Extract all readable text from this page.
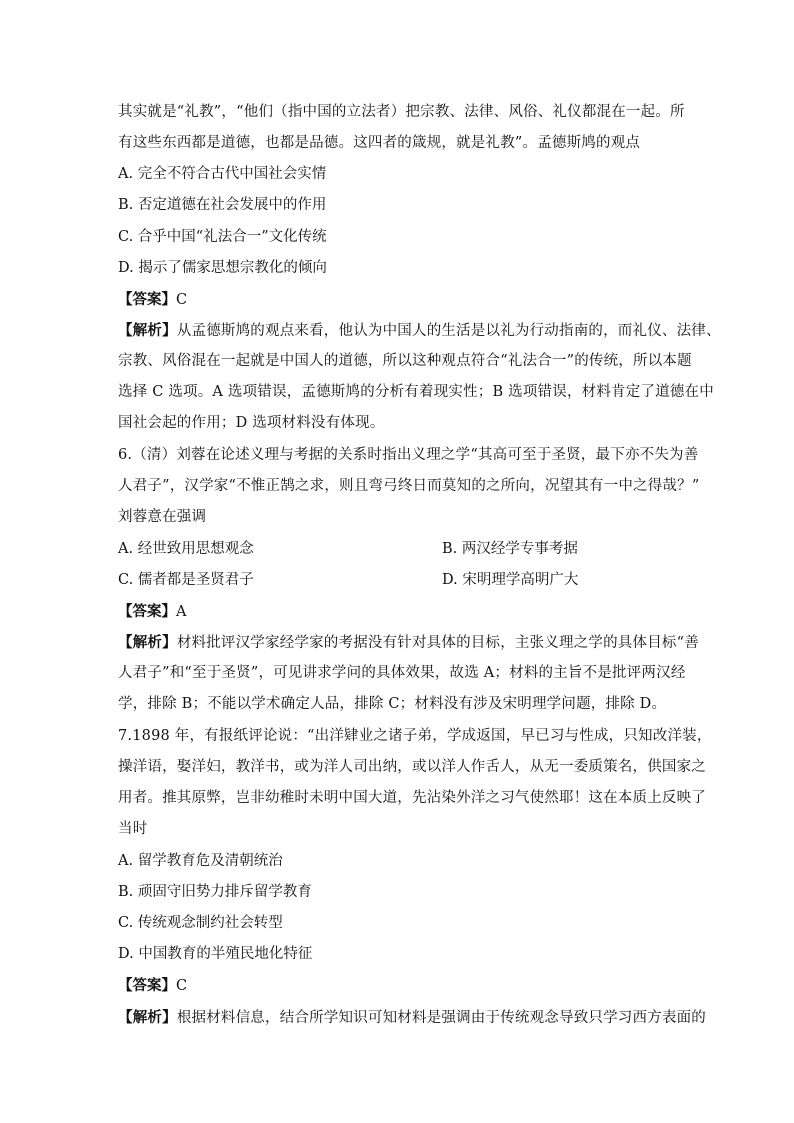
其实就是“礼教”，“他们（指中国的立法者）把宗教、法律、风俗、礼仪都混在一起。所
有这些东西都是道德，也都是品德。这四者的箴规，就是礼教”。孟德斯鸠的观点
A. 完全不符合古代中国社会实情
B. 否定道德在社会发展中的作用
C. 合乎中国“礼法合一”文化传统
D. 揭示了儒家思想宗教化的倾向
【答案】C
【解析】从孟德斯鸠的观点来看，他认为中国人的生活是以礼为行动指南的，而礼仪、法律、
宗教、风俗混在一起就是中国人的道德，所以这种观点符合“礼法合一”的传统，所以本题
选择 C 选项。A 选项错误，孟德斯鸠的分析有着现实性；B 选项错误，材料肯定了道德在中
国社会起的作用；D 选项材料没有体现。
6.（清）刘蓉在论述义理与考据的关系时指出义理之学“其高可至于圣贤，最下亦不失为善
人君子”，汉学家“不惟正鹄之求，则且弯弓终日而莫知的之所向，况望其有一中之得哉？”
刘蓉意在强调
A. 经世致用思想观念	B. 两汉经学专事考据
C. 儒者都是圣贤君子	D. 宋明理学高明广大
【答案】A
【解析】材料批评汉学家经学家的考据没有针对具体的目标，主张义理之学的具体目标“善
人君子”和“至于圣贤”，可见讲求学问的具体效果，故选 A；材料的主旨不是批评两汉经
学，排除 B；不能以学术确定人品，排除 C；材料没有涉及宋明理学问题，排除 D。
7.1898 年，有报纸评论说：“出洋肄业之诸子弟，学成返国，早已习与性成，只知改洋装，
操洋语，娶洋妇，教洋书，或为洋人司出纳，或以洋人作舌人，从无一委质策名，供国家之
用者。推其原弊，岂非幼稚时未明中国大道，先沾染外洋之习气使然耶！这在本质上反映了
当时
A. 留学教育危及清朝统治
B. 顽固守旧势力排斥留学教育
C. 传统观念制约社会转型
D. 中国教育的半殖民地化特征
【答案】C
【解析】根据材料信息，结合所学知识可知材料是强调由于传统观念导致只学习西方表面的
